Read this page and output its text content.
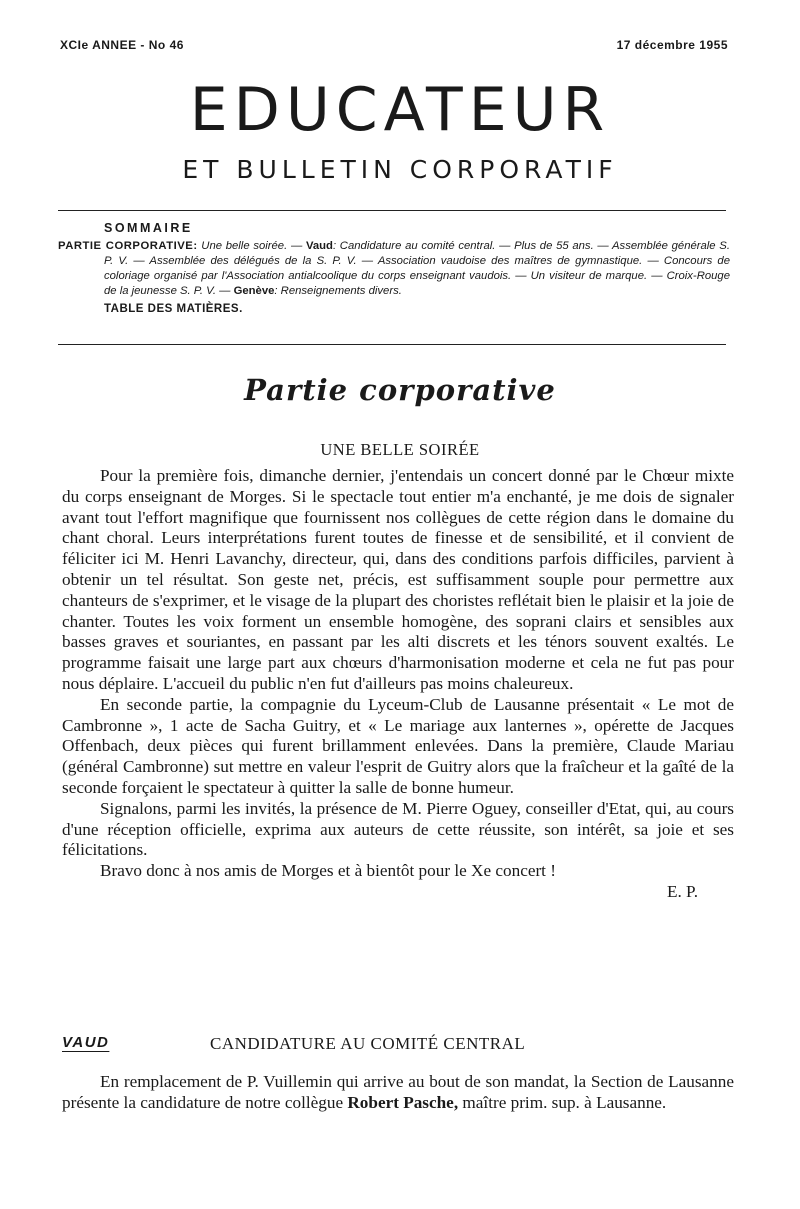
XCIe ANNEE - No 46	17 décembre 1955
EDUCATEUR
ET BULLETIN CORPORATIF
SOMMAIRE
PARTIE CORPORATIVE: Une belle soirée. — Vaud: Candidature au comité central. — Plus de 55 ans. — Assemblée générale S. P. V. — Assemblée des délégués de la S. P. V. — Association vaudoise des maîtres de gymnastique. — Concours de coloriage organisé par l'Association antialcoolique du corps enseignant vaudois. — Un visiteur de marque. — Croix-Rouge de la jeunesse S. P. V. — Genève: Renseignements divers.
TABLE DES MATIÈRES.
Partie corporative
UNE BELLE SOIRÉE

Pour la première fois, dimanche dernier, j'entendais un concert donné par le Chœur mixte du corps enseignant de Morges. Si le spectacle tout entier m'a enchanté, je me dois de signaler avant tout l'effort magnifique que fournissent nos collègues de cette région dans le domaine du chant choral. Leurs interprétations furent toutes de finesse et de sensibilité, et il convient de féliciter ici M. Henri Lavanchy, directeur, qui, dans des conditions parfois difficiles, parvient à obtenir un tel résultat. Son geste net, précis, est suffisamment souple pour permettre aux chanteurs de s'exprimer, et le visage de la plupart des choristes reflétait bien le plaisir et la joie de chanter. Toutes les voix forment un ensemble homogène, des soprani clairs et sensibles aux basses graves et souriantes, en passant par les alti discrets et les ténors souvent exaltés. Le programme faisait une large part aux chœurs d'harmonisation moderne et cela ne fut pas pour nous déplaire. L'accueil du public n'en fut d'ailleurs pas moins chaleureux.

En seconde partie, la compagnie du Lyceum-Club de Lausanne présentait « Le mot de Cambronne », 1 acte de Sacha Guitry, et « Le mariage aux lanternes », opérette de Jacques Offenbach, deux pièces qui furent brillamment enlevées. Dans la première, Claude Mariau (général Cambronne) sut mettre en valeur l'esprit de Guitry alors que la fraîcheur et la gaîté de la seconde forçaient le spectateur à quitter la salle de bonne humeur.

Signalons, parmi les invités, la présence de M. Pierre Oguey, conseiller d'Etat, qui, au cours d'une réception officielle, exprima aux auteurs de cette réussite, son intérêt, sa joie et ses félicitations.

Bravo donc à nos amis de Morges et à bientôt pour le Xe concert !

E. P.

VAUD	CANDIDATURE AU COMITÉ CENTRAL

En remplacement de P. Vuillemin qui arrive au bout de son mandat, la Section de Lausanne présente la candidature de notre collègue Robert Pasche, maître prim. sup. à Lausanne.
